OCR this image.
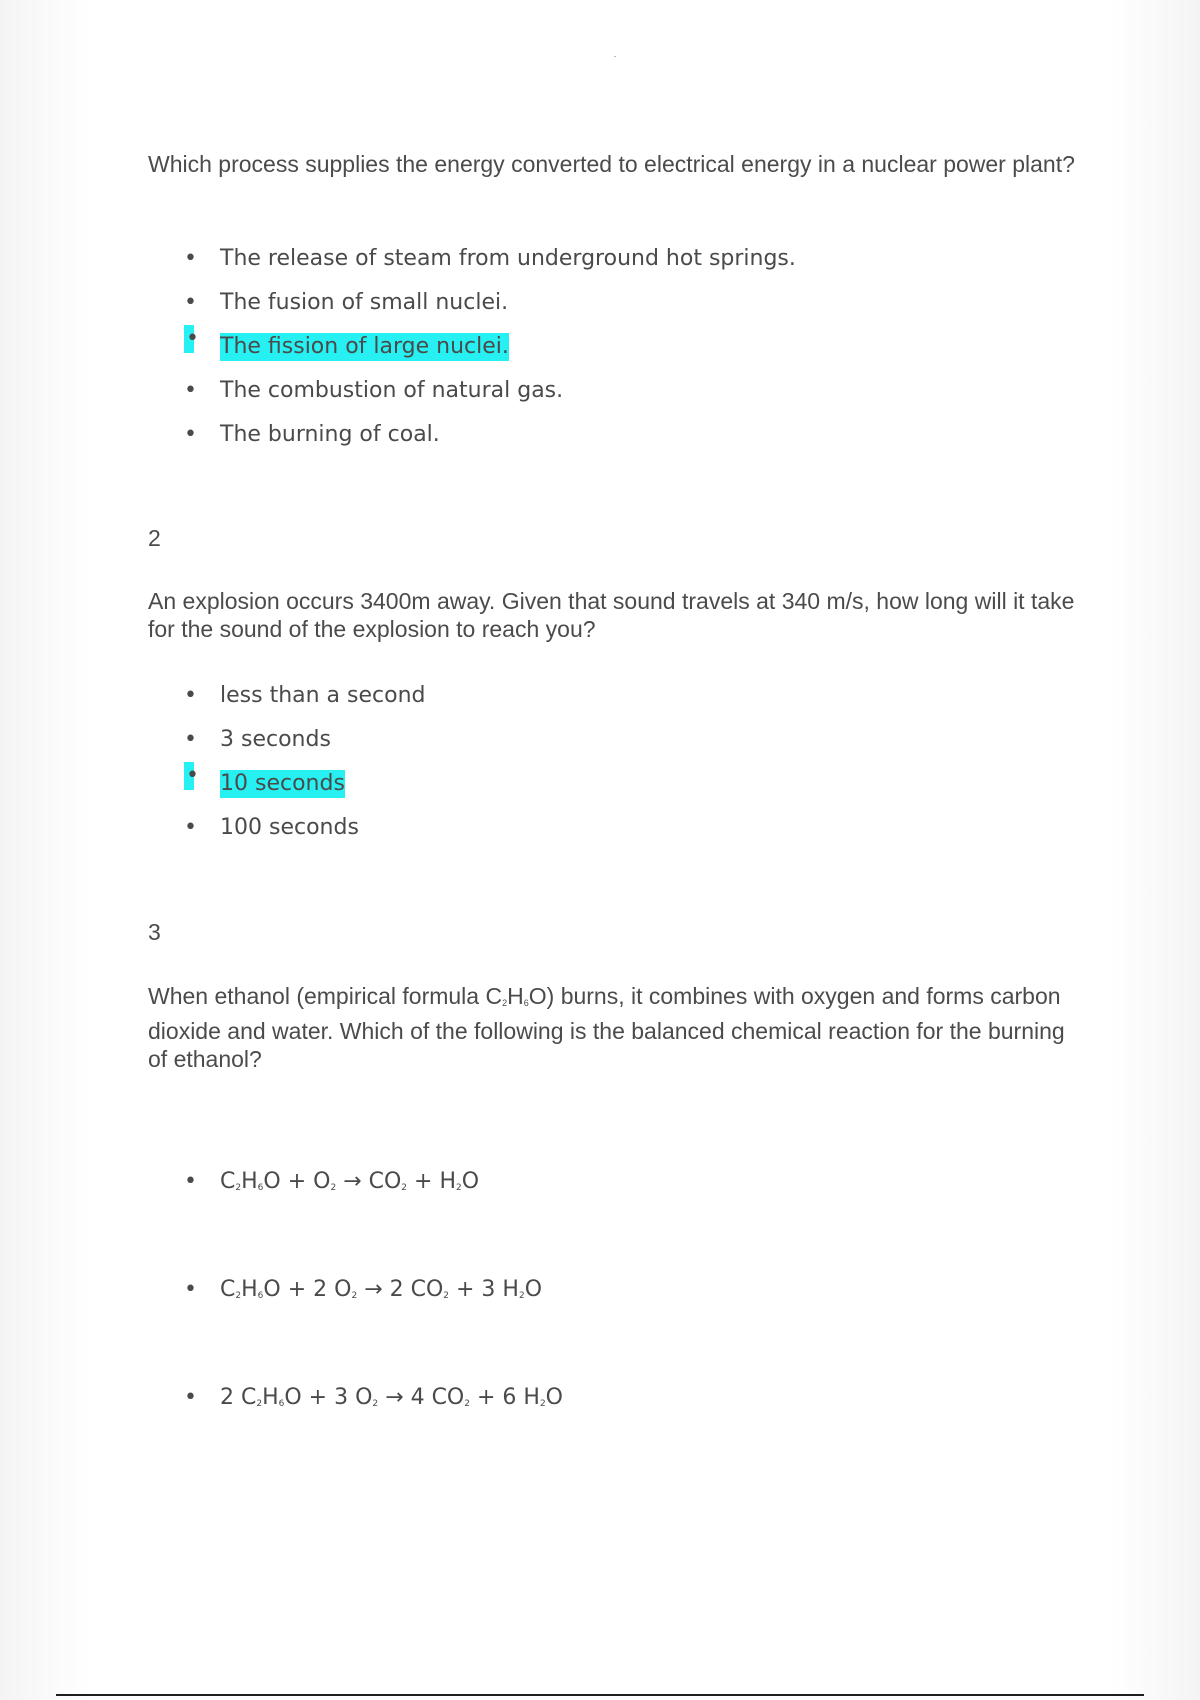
Which process supplies the energy converted to electrical energy in a nuclear power plant?

• The release of steam from underground hot springs.
• The fusion of small nuclei.
• The fission of large nuclei.
• The combustion of natural gas.
• The burning of coal.
2

An explosion occurs 3400m away. Given that sound travels at 340 m/s, how long will it take for the sound of the explosion to reach you?

• less than a second
• 3 seconds
• 10 seconds
• 100 seconds
3

When ethanol (empirical formula $C_2H_6O$) burns, it combines with oxygen and forms carbon dioxide and water. Which of the following is the balanced chemical reaction for the burning of ethanol?

• $C_2H_6O + O_2 \to CO_2 + H_2O$
• $C_2H_6O + 2$ $O_2 \to 2$ $CO_2 + 3$ $H_2O$
• 2 $C_2H_6O + 3$ $O_2 \to 4$ $CO_2 + 6$ $H_2O$
